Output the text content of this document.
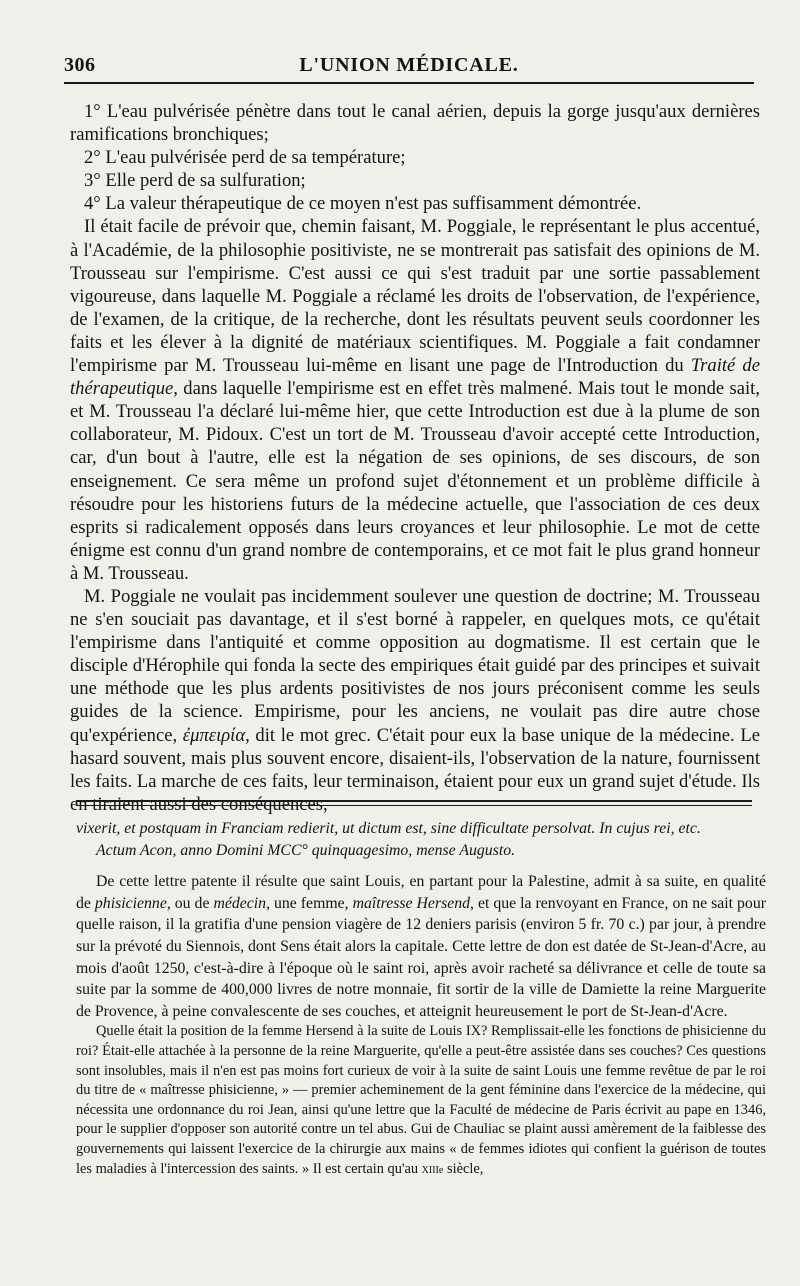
306	L'UNION MÉDICALE.

1° L'eau pulvérisée pénètre dans tout le canal aérien, depuis la gorge jusqu'aux dernières ramifications bronchiques;

2° L'eau pulvérisée perd de sa température;

3° Elle perd de sa sulfuration;

4° La valeur thérapeutique de ce moyen n'est pas suffisamment démontrée.

Il était facile de prévoir que, chemin faisant, M. Poggiale, le représentant le plus accentué, à l'Académie, de la philosophie positiviste, ne se montrerait pas satisfait des opinions de M. Trousseau sur l'empirisme. C'est aussi ce qui s'est traduit par une sortie passablement vigoureuse, dans laquelle M. Poggiale a réclamé les droits de l'observation, de l'expérience, de l'examen, de la critique, de la recherche, dont les résultats peuvent seuls coordonner les faits et les élever à la dignité de matériaux scientifiques. M. Poggiale a fait condamner l'empirisme par M. Trousseau lui-même en lisant une page de l'Introduction du Traité de thérapeutique, dans laquelle l'empirisme est en effet très malmené. Mais tout le monde sait, et M. Trousseau l'a déclaré lui-même hier, que cette Introduction est due à la plume de son collaborateur, M. Pidoux. C'est un tort de M. Trousseau d'avoir accepté cette Introduction, car, d'un bout à l'autre, elle est la négation de ses opinions, de ses discours, de son enseignement. Ce sera même un profond sujet d'étonnement et un problème difficile à résoudre pour les historiens futurs de la médecine actuelle, que l'association de ces deux esprits si radicalement opposés dans leurs croyances et leur philosophie. Le mot de cette énigme est connu d'un grand nombre de contemporains, et ce mot fait le plus grand honneur à M. Trousseau.

M. Poggiale ne voulait pas incidemment soulever une question de doctrine; M. Trousseau ne s'en souciait pas davantage, et il s'est borné à rappeler, en quelques mots, ce qu'était l'empirisme dans l'antiquité et comme opposition au dogmatisme. Il est certain que le disciple d'Hérophile qui fonda la secte des empiriques était guidé par des principes et suivait une méthode que les plus ardents positivistes de nos jours préconisent comme les seuls guides de la science. Empirisme, pour les anciens, ne voulait pas dire autre chose qu'expérience, ἐμπειρία, dit le mot grec. C'était pour eux la base unique de la médecine. Le hasard souvent, mais plus souvent encore, disaient-ils, l'observation de la nature, fournissent les faits. La marche de ces faits, leur terminaison, étaient pour eux un grand sujet d'étude. Ils en tiraient aussi des conséquences,

vixerit, et postquam in Franciam redierit, ut dictum est, sine difficultate persolvat. In cujus rei, etc.

Actum Acon, anno Domini MCC° quinquagesimo, mense Augusto.

De cette lettre patente il résulte que saint Louis, en partant pour la Palestine, admit à sa suite, en qualité de phisicienne, ou de médecin, une femme, maîtresse Hersend, et que la renvoyant en France, on ne sait pour quelle raison, il la gratifia d'une pension viagère de 12 deniers parisis (environ 5 fr. 70 c.) par jour, à prendre sur la prévoté du Siennois, dont Sens était alors la capitale. Cette lettre de don est datée de St-Jean-d'Acre, au mois d'août 1250, c'est-à-dire à l'époque où le saint roi, après avoir racheté sa délivrance et celle de toute sa suite par la somme de 400,000 livres de notre monnaie, fit sortir de la ville de Damiette la reine Marguerite de Provence, à peine convalescente de ses couches, et atteignit heureusement le port de St-Jean-d'Acre.

Quelle était la position de la femme Hersend à la suite de Louis IX? Remplissait-elle les fonctions de phisicienne du roi? Était-elle attachée à la personne de la reine Marguerite, qu'elle a peut-être assistée dans ses couches? Ces questions sont insolubles, mais il n'en est pas moins fort curieux de voir à la suite de saint Louis une femme revêtue de par le roi du titre de « maîtresse phisicienne, » — premier acheminement de la gent féminine dans l'exercice de la médecine, qui nécessita une ordonnance du roi Jean, ainsi qu'une lettre que la Faculté de médecine de Paris écrivit au pape en 1346, pour le supplier d'opposer son autorité contre un tel abus. Gui de Chauliac se plaint aussi amèrement de la faiblesse des gouvernements qui laissent l'exercice de la chirurgie aux mains « de femmes idiotes qui confient la guérison de toutes les maladies à l'intercession des saints. » Il est certain qu'au xiiie siècle,
